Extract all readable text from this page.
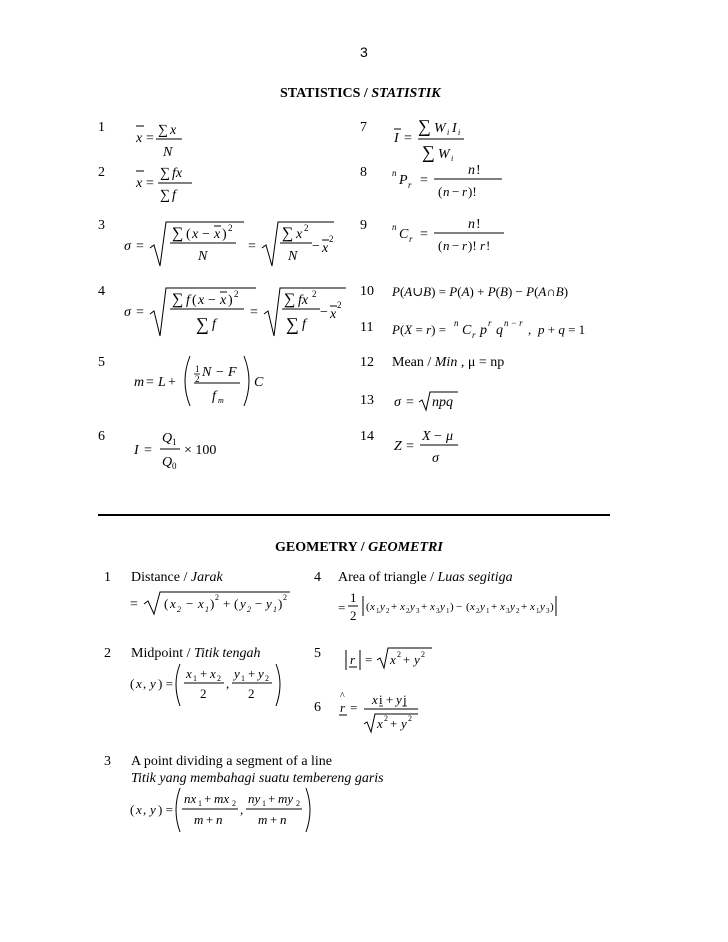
3
STATISTICS / STATISTIK
1
2
3
4
5
6
7
8
9
10
11
12
13
14
x =
∑ x
N
x =
∑ fx
∑ f
σ =
∑ ( x − x ) 2
N
=
∑ x 2
N
− x
2
σ =
∑ f ( x − x ) 2
∑ f
=
∑ fx 2
∑ f
− x
2
m = L +
1
2 N − F
f m
C
I =
Q 1
Q 0
× 100
I =
∑ W i I i
∑ W i
n P r =
n !
( n − r )!
n C r =
n !
( n − r )! r !
P(A∪B) = P(A) + P(B) − P(A∩B)
P(X = r) = n C r p r q n − r , p + q = 1
Mean / Min , μ = np
σ = npq
Z =
X − μ
σ
GEOMETRY / GEOMETRI
1
2
3
4
5
6
Distance / Jarak
= ( x 2 − x 1 ) 2 + ( y 2 − y 1 ) 2
Midpoint / Titik tengah
( x , y ) =
x 1 + x 2
2
,
y 1 + y 2
2
A point dividing a segment of a line
Titik yang membahagi suatu tembereng garis
( x , y ) =
nx 1 + mx 2
m + n
,
ny 1 + my 2
m + n
Area of triangle / Luas segitiga
=
1
2
( x 1 y 2 + x 2 y 3 + x 3 y 1 ) − ( x 2 y 1 + x 3 y 2 + x 1 y 3 )
r = x 2 + y 2
^
r =
x i + y j
x 2 + y 2
